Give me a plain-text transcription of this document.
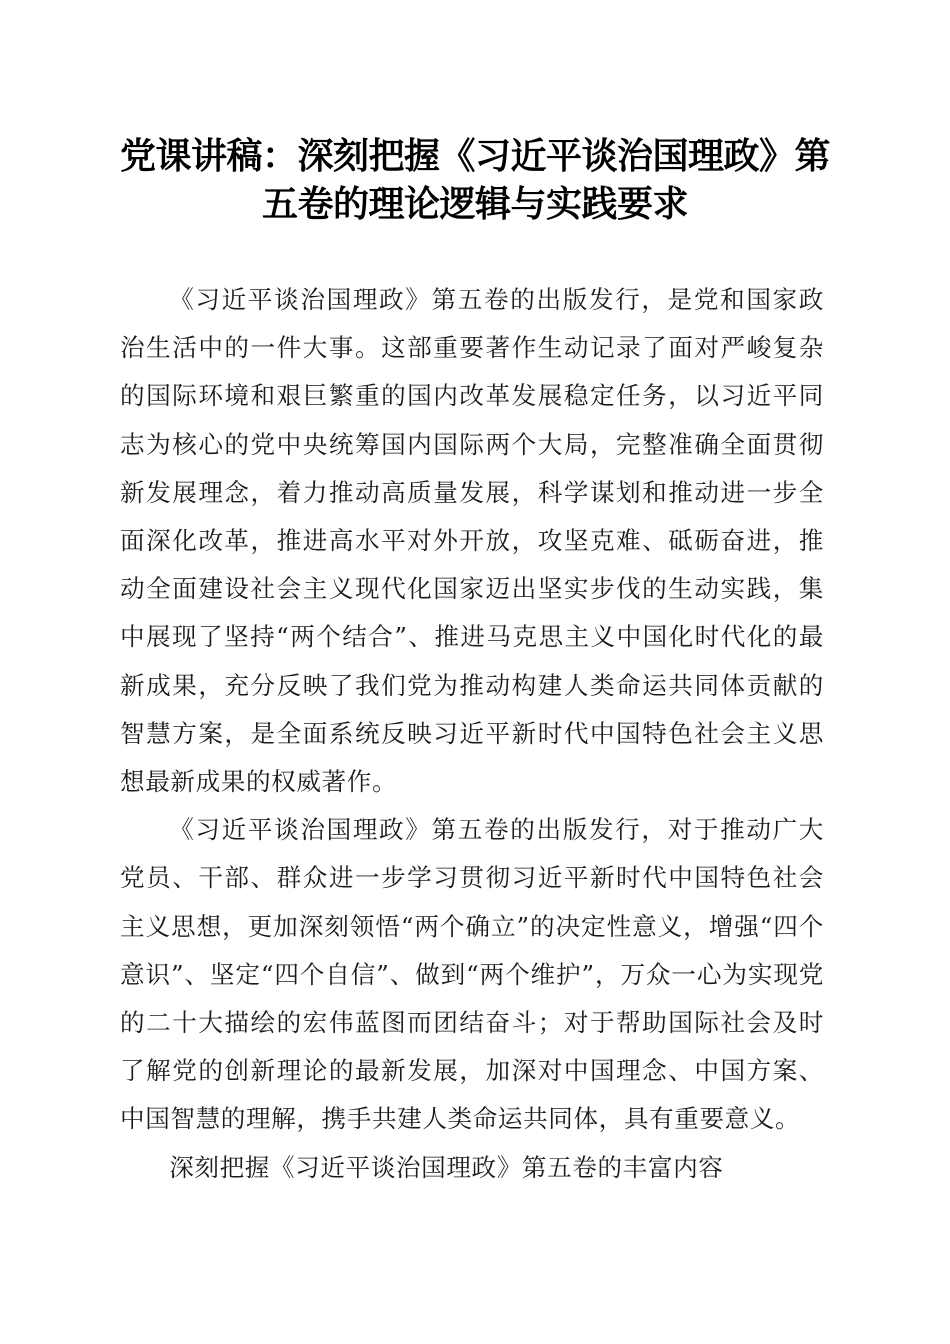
党课讲稿：深刻把握《习近平谈治国理政》第五卷的理论逻辑与实践要求

《习近平谈治国理政》第五卷的出版发行，是党和国家政治生活中的一件大事。这部重要著作生动记录了面对严峻复杂的国际环境和艰巨繁重的国内改革发展稳定任务，以习近平同志为核心的党中央统筹国内国际两个大局，完整准确全面贯彻新发展理念，着力推动高质量发展，科学谋划和推动进一步全面深化改革，推进高水平对外开放，攻坚克难、砥砺奋进，推动全面建设社会主义现代化国家迈出坚实步伐的生动实践，集中展现了坚持“两个结合”、推进马克思主义中国化时代化的最新成果，充分反映了我们党为推动构建人类命运共同体贡献的智慧方案，是全面系统反映习近平新时代中国特色社会主义思想最新成果的权威著作。

《习近平谈治国理政》第五卷的出版发行，对于推动广大党员、干部、群众进一步学习贯彻习近平新时代中国特色社会主义思想，更加深刻领悟“两个确立”的决定性意义，增强“四个意识”、坚定“四个自信”、做到“两个维护”，万众一心为实现党的二十大描绘的宏伟蓝图而团结奋斗；对于帮助国际社会及时了解党的创新理论的最新发展，加深对中国理念、中国方案、中国智慧的理解，携手共建人类命运共同体，具有重要意义。

深刻把握《习近平谈治国理政》第五卷的丰富内容
